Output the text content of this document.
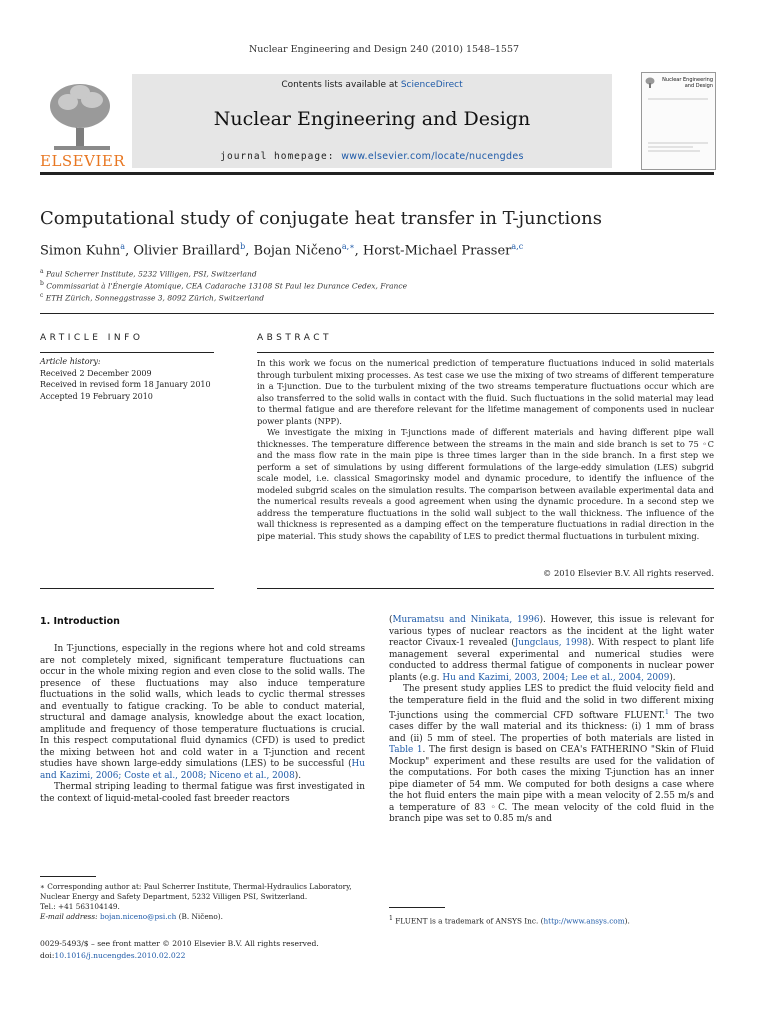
Nuclear Engineering and Design 240 (2010) 1548–1557
ELSEVIER
Contents lists available at ScienceDirect
Nuclear Engineering and Design
journal homepage: www.elsevier.com/locate/nucengdes
Nuclear Engineering and Design
Computational study of conjugate heat transfer in T-junctions
Simon Kuhn$^a$, Olivier Braillard$^b$, Bojan Ničeno$^{a,∗}$, Horst-Michael Prasser$^{a,c}$
$^a$ Paul Scherrer Institute, 5232 Villigen, PSI, Switzerland
$^b$ Commissariat à l'Énergie Atomique, CEA Cadarache 13108 St Paul lez Durance Cedex, France
$^c$ ETH Zürich, Sonneggstrasse 3, 8092 Zürich, Switzerland
ARTICLE INFO
Article history:
Received 2 December 2009
Received in revised form 18 January 2010
Accepted 19 February 2010
ABSTRACT

In this work we focus on the numerical prediction of temperature fluctuations induced in solid materials through turbulent mixing processes. As test case we use the mixing of two streams of different temperature in a T-junction. Due to the turbulent mixing of the two streams temperature fluctuations occur which are also transferred to the solid walls in contact with the fluid. Such fluctuations in the solid material may lead to thermal fatigue and are therefore relevant for the lifetime management of components used in nuclear power plants (NPP).

We investigate the mixing in T-junctions made of different materials and having different pipe wall thicknesses. The temperature difference between the streams in the main and side branch is set to 75 ◦C and the mass flow rate in the main pipe is three times larger than in the side branch. In a first step we perform a set of simulations by using different formulations of the large-eddy simulation (LES) subgrid scale model, i.e. classical Smagorinsky model and dynamic procedure, to identify the influence of the modeled subgrid scales on the simulation results. The comparison between available experimental data and the numerical results reveals a good agreement when using the dynamic procedure. In a second step we address the temperature fluctuations in the solid wall subject to the wall thickness. The influence of the wall thickness is represented as a damping effect on the temperature fluctuations in radial direction in the pipe material. This study shows the capability of LES to predict thermal fluctuations in turbulent mixing.

© 2010 Elsevier B.V. All rights reserved.
1. Introduction

In T-junctions, especially in the regions where hot and cold streams are not completely mixed, significant temperature fluctuations can occur in the whole mixing region and even close to the solid walls. The presence of these fluctuations may also induce temperature fluctuations in the solid walls, which leads to cyclic thermal stresses and eventually to fatigue cracking. To be able to conduct material, structural and damage analysis, knowledge about the exact location, amplitude and frequency of those temperature fluctuations is crucial. In this respect computational fluid dynamics (CFD) is used to predict the mixing between hot and cold water in a T-junction and recent studies have shown large-eddy simulations (LES) to be successful (Hu and Kazimi, 2006; Coste et al., 2008; Niceno et al., 2008).

Thermal striping leading to thermal fatigue was first investigated in the context of liquid-metal-cooled fast breeder reactors

(Muramatsu and Ninikata, 1996). However, this issue is relevant for various types of nuclear reactors as the incident at the light water reactor Civaux-1 revealed (Jungclaus, 1998). With respect to plant life management several experimental and numerical studies were conducted to address thermal fatigue of components in nuclear power plants (e.g. Hu and Kazimi, 2003, 2004; Lee et al., 2004, 2009).

The present study applies LES to predict the fluid velocity field and the temperature field in the fluid and the solid in two different mixing T-junctions using the commercial CFD software FLUENT.$^1$ The two cases differ by the wall material and its thickness: (i) 1 mm of brass and (ii) 5 mm of steel. The properties of both materials are listed in Table 1. The first design is based on CEA's FATHERINO "Skin of Fluid Mockup" experiment and these results are used for the validation of the computations. For both cases the mixing T-junction has an inner pipe diameter of 54 mm. We computed for both designs a case where the hot fluid enters the main pipe with a mean velocity of 2.55 m/s and a temperature of 83 ◦C. The mean velocity of the cold fluid in the branch pipe was set to 0.85 m/s and

∗ Corresponding author at: Paul Scherrer Institute, Thermal-Hydraulics Laboratory, Nuclear Energy and Safety Department, 5232 Villigen PSI, Switzerland.
Tel.: +41 563104149.
E-mail address: bojan.niceno@psi.ch (B. Ničeno).	$^1$ FLUENT is a trademark of ANSYS Inc. (http://www.ansys.com).
0029-5493/$ – see front matter © 2010 Elsevier B.V. All rights reserved.
doi:10.1016/j.nucengdes.2010.02.022
